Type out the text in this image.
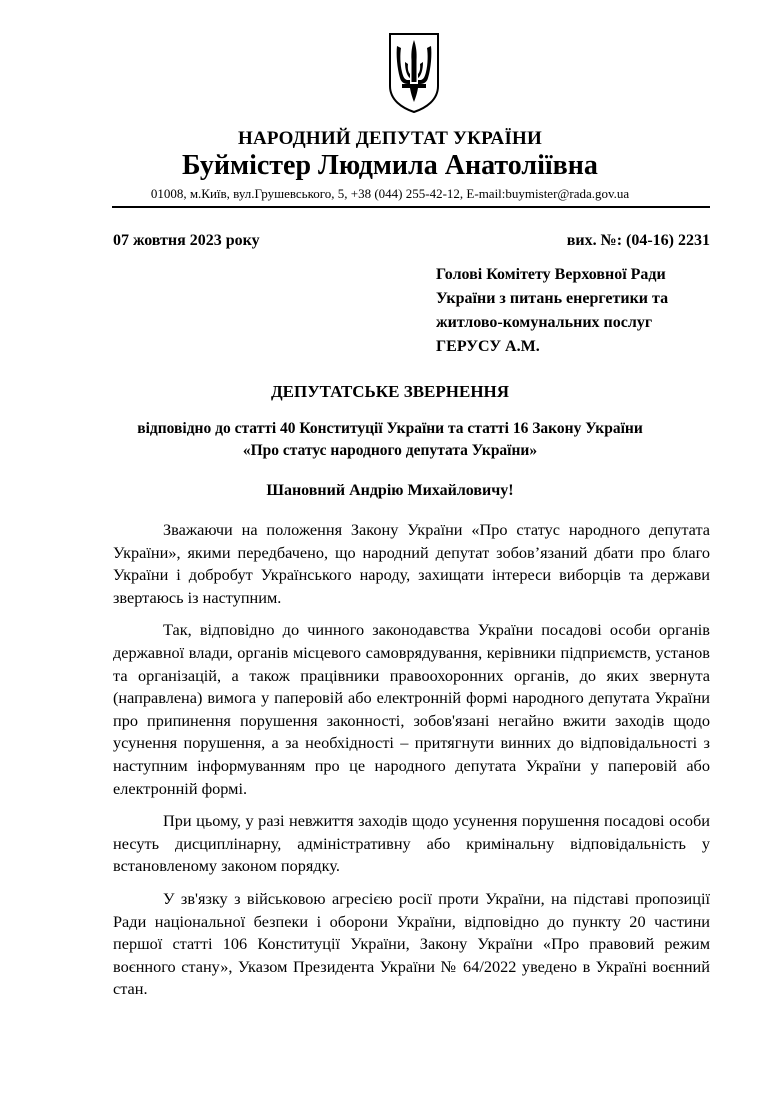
НАРОДНИЙ ДЕПУТАТ УКРАЇНИ
Буймістер Людмила Анатоліївна
01008, м.Київ, вул.Грушевського, 5, +38 (044) 255-42-12, E-mail:buymister@rada.gov.ua
07 жовтня 2023 року	вих. №: (04-16) 2231
Голові Комітету Верховної Ради
України з питань енергетики та
житлово-комунальних послуг
ГЕРУСУ А.М.
ДЕПУТАТСЬКЕ ЗВЕРНЕННЯ
відповідно до статті 40 Конституції України та статті 16 Закону України
«Про статус народного депутата України»
Шановний Андрію Михайловичу!

Зважаючи на положення Закону України «Про статус народного депутата України», якими передбачено, що народний депутат зобов’язаний дбати про благо України і добробут Українського народу, захищати інтереси виборців та держави звертаюсь із наступним.

Так, відповідно до чинного законодавства України посадові особи органів державної влади, органів місцевого самоврядування, керівники підприємств, установ та організацій, а також працівники правоохоронних органів, до яких звернута (направлена) вимога у паперовій або електронній формі народного депутата України про припинення порушення законності, зобов'язані негайно вжити заходів щодо усунення порушення, а за необхідності – притягнути винних до відповідальності з наступним інформуванням про це народного депутата України у паперовій або електронній формі.

При цьому, у разі невжиття заходів щодо усунення порушення посадові особи несуть дисциплінарну, адміністративну або кримінальну відповідальність у встановленому законом порядку.

У зв'язку з військовою агресією росії проти України, на підставі пропозиції Ради національної безпеки і оборони України, відповідно до пункту 20 частини першої статті 106 Конституції України, Закону України «Про правовий режим воєнного стану», Указом Президента України № 64/2022 уведено в Україні воєнний стан.
